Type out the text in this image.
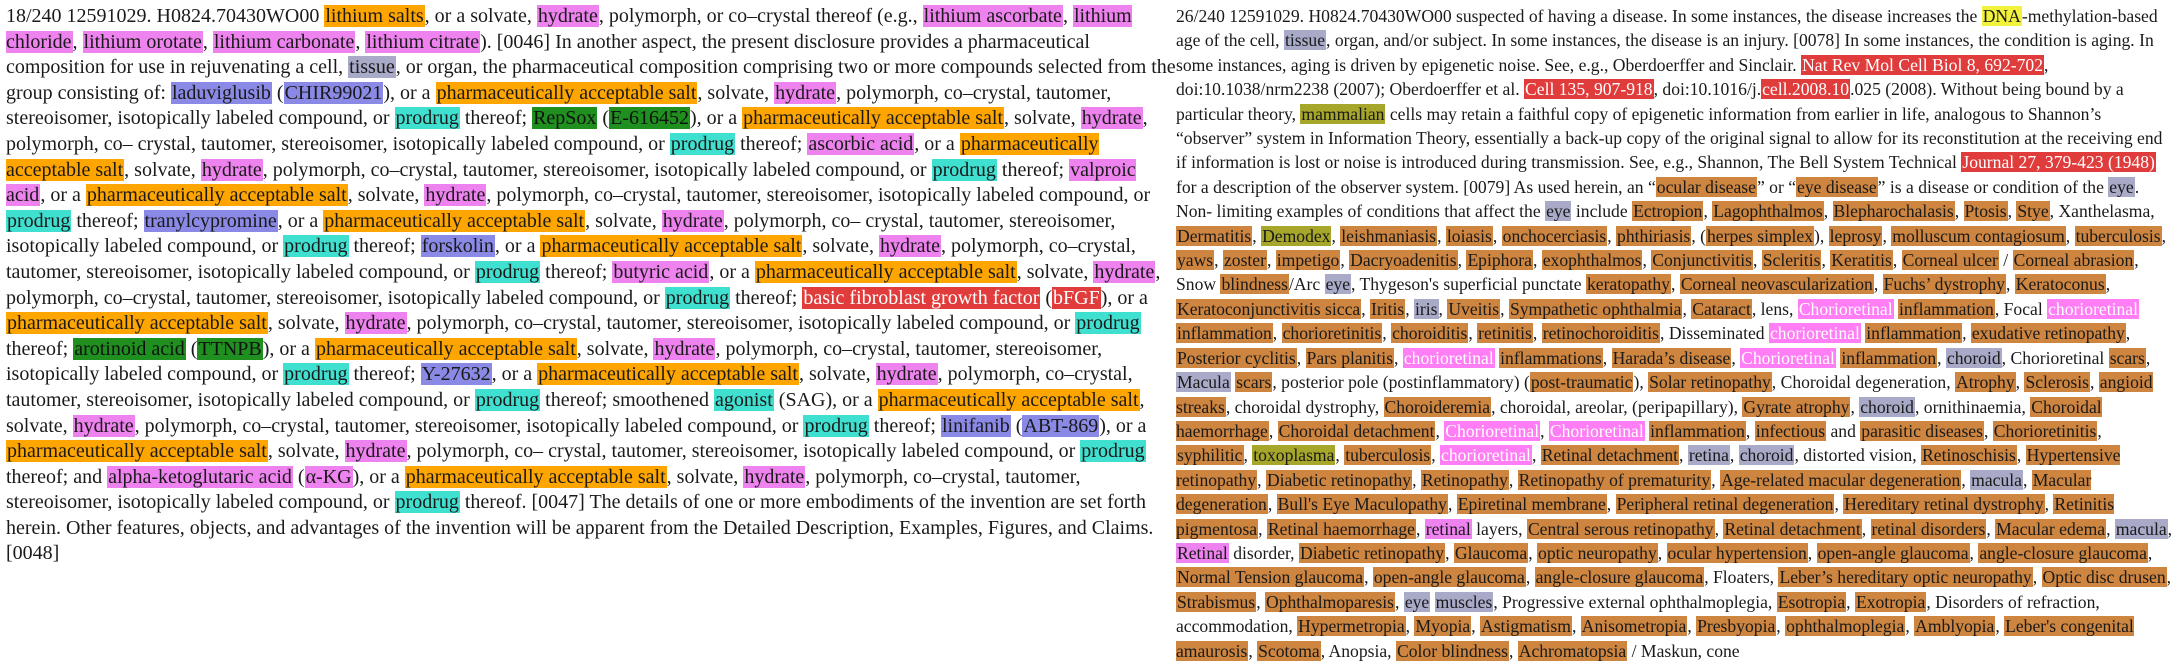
18/240 12591029. H0824.70430WO00 lithium salts, or a solvate, hydrate, polymorph, or co–crystal thereof (e.g., lithium ascorbate, lithium chloride, lithium orotate, lithium carbonate, lithium citrate). [0046] In another aspect, the present disclosure provides a pharmaceutical composition for use in rejuvenating a cell, tissue, or organ, the pharmaceutical composition comprising two or more compounds selected from the group consisting of: laduviglusib (CHIR99021), or a pharmaceutically acceptable salt, solvate, hydrate, polymorph, co–crystal, tautomer, stereoisomer, isotopically labeled compound, or prodrug thereof; RepSox (E-616452), or a pharmaceutically acceptable salt, solvate, hydrate, polymorph, co– crystal, tautomer, stereoisomer, isotopically labeled compound, or prodrug thereof; ascorbic acid, or a pharmaceutically acceptable salt, solvate, hydrate, polymorph, co–crystal, tautomer, stereoisomer, isotopically labeled compound, or prodrug thereof; valproic acid, or a pharmaceutically acceptable salt, solvate, hydrate, polymorph, co–crystal, tautomer, stereoisomer, isotopically labeled compound, or prodrug thereof; tranylcypromine, or a pharmaceutically acceptable salt, solvate, hydrate, polymorph, co– crystal, tautomer, stereoisomer, isotopically labeled compound, or prodrug thereof; forskolin, or a pharmaceutically acceptable salt, solvate, hydrate, polymorph, co–crystal, tautomer, stereoisomer, isotopically labeled compound, or prodrug thereof; butyric acid, or a pharmaceutically acceptable salt, solvate, hydrate, polymorph, co–crystal, tautomer, stereoisomer, isotopically labeled compound, or prodrug thereof; basic fibroblast growth factor (bFGF), or a pharmaceutically acceptable salt, solvate, hydrate, polymorph, co–crystal, tautomer, stereoisomer, isotopically labeled compound, or prodrug thereof; arotinoid acid (TTNPB), or a pharmaceutically acceptable salt, solvate, hydrate, polymorph, co–crystal, tautomer, stereoisomer, isotopically labeled compound, or prodrug thereof; Y-27632, or a pharmaceutically acceptable salt, solvate, hydrate, polymorph, co–crystal, tautomer, stereoisomer, isotopically labeled compound, or prodrug thereof; smoothened agonist (SAG), or a pharmaceutically acceptable salt, solvate, hydrate, polymorph, co–crystal, tautomer, stereoisomer, isotopically labeled compound, or prodrug thereof; linifanib (ABT-869), or a pharmaceutically acceptable salt, solvate, hydrate, polymorph, co– crystal, tautomer, stereoisomer, isotopically labeled compound, or prodrug thereof; and alpha-ketoglutaric acid (α-KG), or a pharmaceutically acceptable salt, solvate, hydrate, polymorph, co–crystal, tautomer, stereoisomer, isotopically labeled compound, or prodrug thereof. [0047] The details of one or more embodiments of the invention are set forth herein. Other features, objects, and advantages of the invention will be apparent from the Detailed Description, Examples, Figures, and Claims. [0048]
26/240 12591029. H0824.70430WO00 suspected of having a disease. In some instances, the disease increases the DNA-methylation-based age of the cell, tissue, organ, and/or subject. In some instances, the disease is an injury. [0078] In some instances, the condition is aging. In some instances, aging is driven by epigenetic noise. See, e.g., Oberdoerffer and Sinclair. Nat Rev Mol Cell Biol 8, 692-702, doi:10.1038/nrm2238 (2007); Oberdoerffer et al. Cell 135, 907-918, doi:10.1016/j.cell.2008.10.025 (2008). Without being bound by a particular theory, mammalian cells may retain a faithful copy of epigenetic information from earlier in life, analogous to Shannon’s “observer” system in Information Theory, essentially a back-up copy of the original signal to allow for its reconstitution at the receiving end if information is lost or noise is introduced during transmission. See, e.g., Shannon, The Bell System Technical Journal 27, 379-423 (1948) for a description of the observer system. [0079] As used herein, an “ocular disease” or “eye disease” is a disease or condition of the eye. Non- limiting examples of conditions that affect the eye include Ectropion, Lagophthalmos, Blepharochalasis, Ptosis, Stye, Xanthelasma, Dermatitis, Demodex, leishmaniasis, loiasis, onchocerciasis, phthiriasis, (herpes simplex), leprosy, molluscum contagiosum, tuberculosis, yaws, zoster, impetigo, Dacryoadenitis, Epiphora, exophthalmos, Conjunctivitis, Scleritis, Keratitis, Corneal ulcer / Corneal abrasion, Snow blindness/Arc eye, Thygeson's superficial punctate keratopathy, Corneal neovascularization, Fuchs’ dystrophy, Keratoconus, Keratoconjunctivitis sicca, Iritis, iris, Uveitis, Sympathetic ophthalmia, Cataract, lens, Chorioretinal inflammation, Focal chorioretinal inflammation, chorioretinitis, choroiditis, retinitis, retinochoroiditis, Disseminated chorioretinal inflammation, exudative retinopathy, Posterior cyclitis, Pars planitis, chorioretinal inflammations, Harada’s disease, Chorioretinal inflammation, choroid, Chorioretinal scars, Macula scars, posterior pole (postinflammatory) (post-traumatic), Solar retinopathy, Choroidal degeneration, Atrophy, Sclerosis, angioid streaks, choroidal dystrophy, Choroideremia, choroidal, areolar, (peripapillary), Gyrate atrophy, choroid, ornithinaemia, Choroidal haemorrhage, Choroidal detachment, Chorioretinal, Chorioretinal inflammation, infectious and parasitic diseases, Chorioretinitis, syphilitic, toxoplasma, tuberculosis, chorioretinal, Retinal detachment, retina, choroid, distorted vision, Retinoschisis, Hypertensive retinopathy, Diabetic retinopathy, Retinopathy, Retinopathy of prematurity, Age-related macular degeneration, macula, Macular degeneration, Bull's Eye Maculopathy, Epiretinal membrane, Peripheral retinal degeneration, Hereditary retinal dystrophy, Retinitis pigmentosa, Retinal haemorrhage, retinal layers, Central serous retinopathy, Retinal detachment, retinal disorders, Macular edema, macula, Retinal disorder, Diabetic retinopathy, Glaucoma, optic neuropathy, ocular hypertension, open-angle glaucoma, angle-closure glaucoma, Normal Tension glaucoma, open-angle glaucoma, angle-closure glaucoma, Floaters, Leber’s hereditary optic neuropathy, Optic disc drusen, Strabismus, Ophthalmoparesis, eye muscles, Progressive external ophthalmoplegia, Esotropia, Exotropia, Disorders of refraction, accommodation, Hypermetropia, Myopia, Astigmatism, Anisometropia, Presbyopia, ophthalmoplegia, Amblyopia, Leber's congenital amaurosis, Scotoma, Anopsia, Color blindness, Achromatopsia / Maskun, cone
